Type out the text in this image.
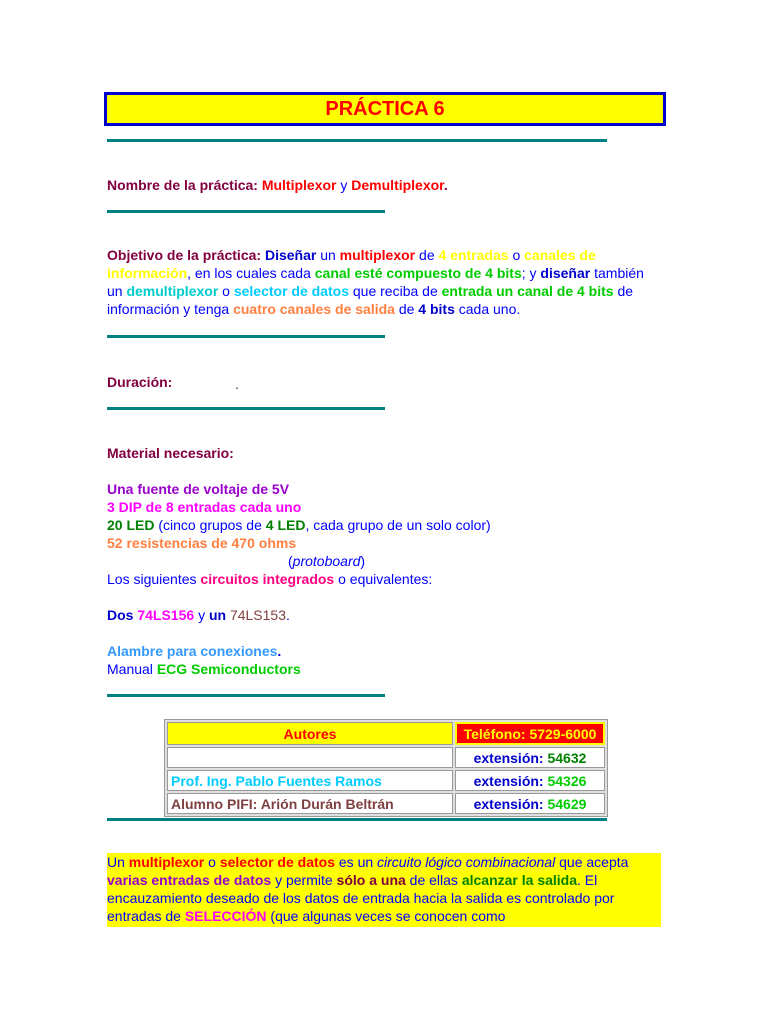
PRÁCTICA 6
Nombre de la práctica: Multiplexor y Demultiplexor.
Objetivo de la práctica: Diseñar un multiplexor de 4 entradas o canales de información, en los cuales cada canal esté compuesto de 4 bits; y diseñar también un demultiplexor o selector de datos que reciba de entrada un canal de 4 bits de información y tenga cuatro canales de salida de 4 bits cada uno.
Duración:	.
Material necesario:
Una fuente de voltaje de 5V
3 DIP de 8 entradas cada uno
20 LED (cinco grupos de 4 LED, cada grupo de un solo color)
52 resistencias de 470 ohms
(protoboard)
Los siguientes circuitos integrados o equivalentes:
Dos 74LS156 y un 74LS153.
Alambre para conexiones.
Manual ECG Semiconductors
Autores	Teléfono: 5729-6000
	extensión: 54632
Prof. Ing. Pablo Fuentes Ramos	extensión: 54326
Alumno PIFI: Arión Durán Beltrán	extensión: 54629
Un multiplexor o selector de datos es un circuito lógico combinacional que acepta varias entradas de datos y permite sólo a una de ellas alcanzar la salida. El encauzamiento deseado de los datos de entrada hacia la salida es controlado por entradas de SELECCIÓN (que algunas veces se conocen como
